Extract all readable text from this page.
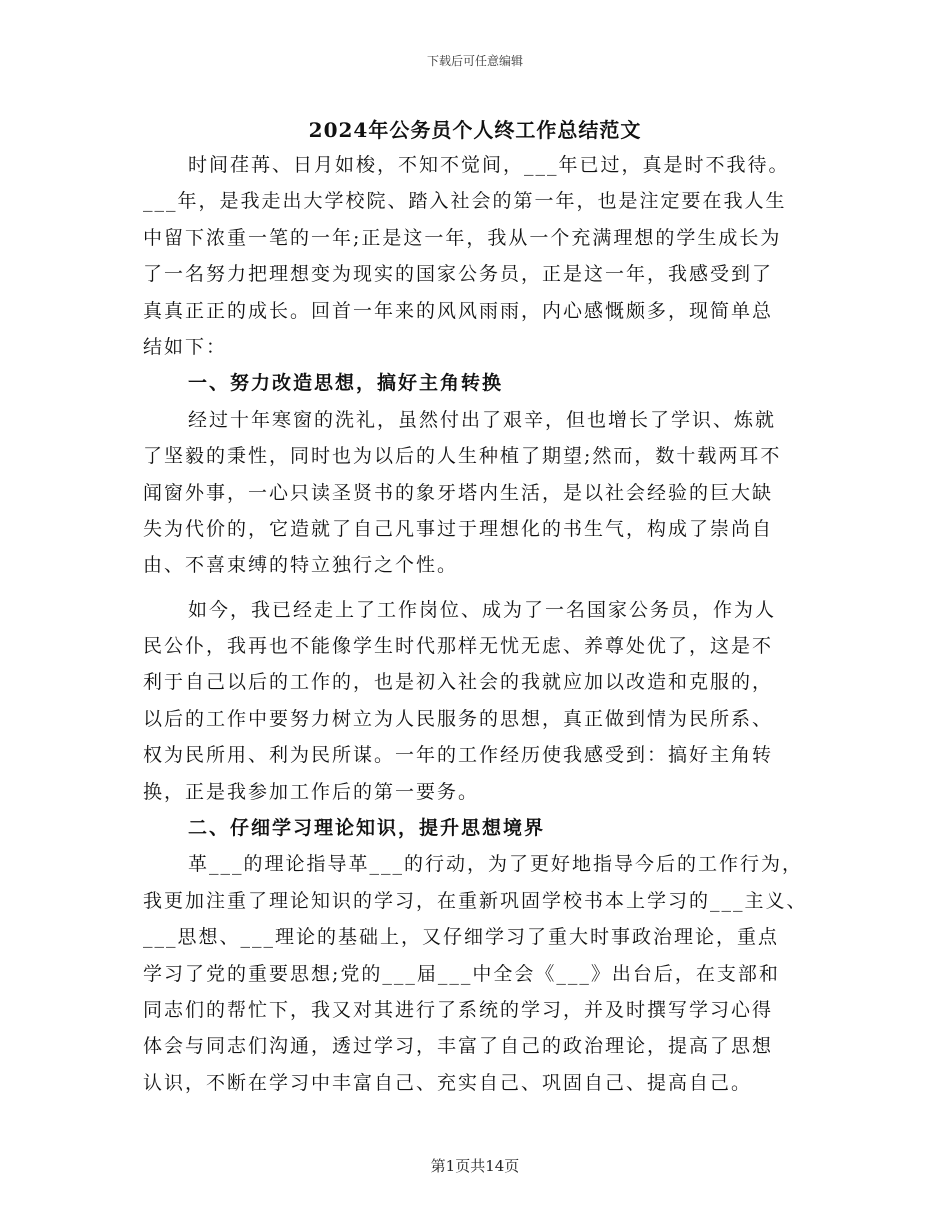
下载后可任意编辑
2024年公务员个人终工作总结范文
时间荏苒、日月如梭，不知不觉间，___年已过，真是时不我待。
___年，是我走出大学校院、踏入社会的第一年，也是注定要在我人生
中留下浓重一笔的一年;正是这一年，我从一个充满理想的学生成长为
了一名努力把理想变为现实的国家公务员，正是这一年，我感受到了
真真正正的成长。回首一年来的风风雨雨，内心感慨颇多，现简单总
结如下：
一、努力改造思想，搞好主角转换
经过十年寒窗的洗礼，虽然付出了艰辛，但也增长了学识、炼就
了坚毅的秉性，同时也为以后的人生种植了期望;然而，数十载两耳不
闻窗外事，一心只读圣贤书的象牙塔内生活，是以社会经验的巨大缺
失为代价的，它造就了自己凡事过于理想化的书生气，构成了崇尚自
由、不喜束缚的特立独行之个性。
如今，我已经走上了工作岗位、成为了一名国家公务员，作为人
民公仆，我再也不能像学生时代那样无忧无虑、养尊处优了，这是不
利于自己以后的工作的，也是初入社会的我就应加以改造和克服的，
以后的工作中要努力树立为人民服务的思想，真正做到情为民所系、
权为民所用、利为民所谋。一年的工作经历使我感受到：搞好主角转
换，正是我参加工作后的第一要务。
二、仔细学习理论知识，提升思想境界
革___的理论指导革___的行动，为了更好地指导今后的工作行为，
我更加注重了理论知识的学习，在重新巩固学校书本上学习的___主义、
___思想、___理论的基础上，又仔细学习了重大时事政治理论，重点
学习了党的重要思想;党的___届___中全会《___》出台后，在支部和
同志们的帮忙下，我又对其进行了系统的学习，并及时撰写学习心得
体会与同志们沟通，透过学习，丰富了自己的政治理论，提高了思想
认识，不断在学习中丰富自己、充实自己、巩固自己、提高自己。
第1页共14页
